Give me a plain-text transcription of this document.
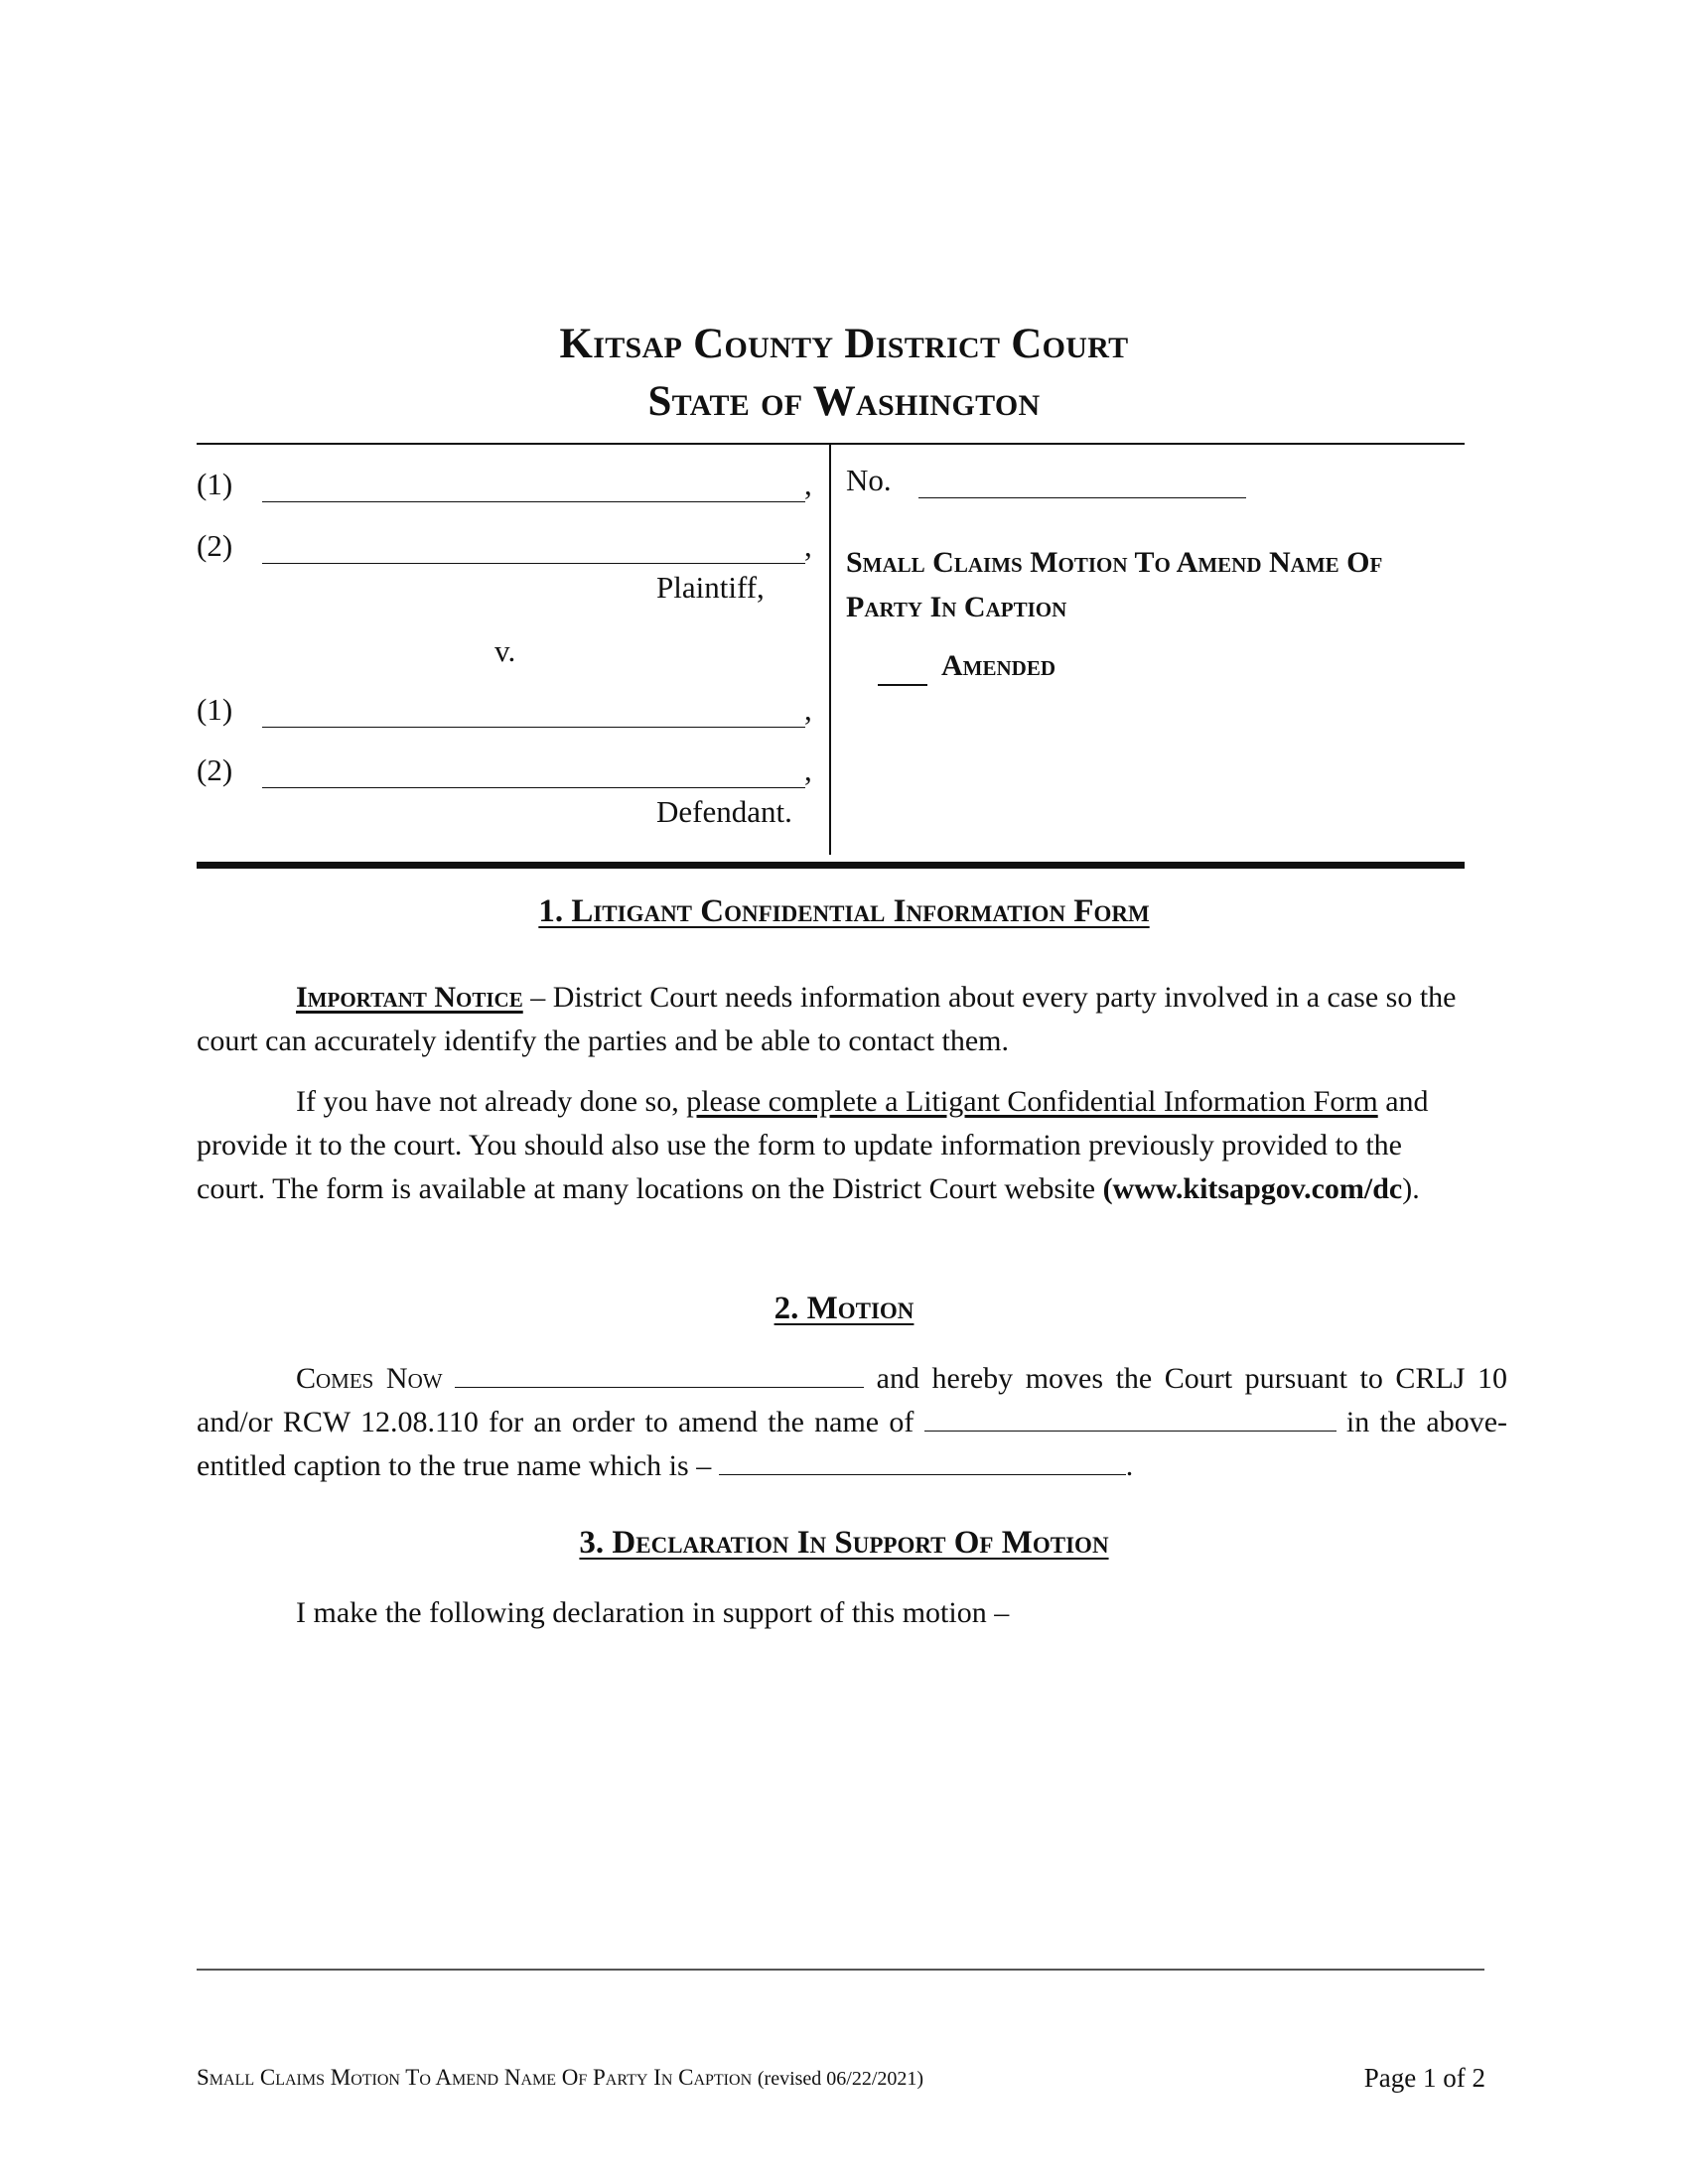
Kitsap County District Court
State of Washington
(1)	,
(2)	,
Plaintiff,
v.
(1)	,
(2)	,
Defendant.
No.
Small Claims Motion To Amend Name Of Party In Caption
Amended
1. Litigant Confidential Information Form
Important Notice – District Court needs information about every party involved in a case so the court can accurately identify the parties and be able to contact them.
If you have not already done so, please complete a Litigant Confidential Information Form and provide it to the court. You should also use the form to update information previously provided to the court. The form is available at many locations on the District Court website (www.kitsapgov.com/dc).
2. Motion
Comes Now	and hereby moves the Court pursuant to CRLJ 10 and/or RCW 12.08.110 for an order to amend the name of	in the above-entitled caption to the true name which is –	.
3. Declaration In Support Of Motion
I make the following declaration in support of this motion –
Small Claims Motion To Amend Name Of Party In Caption (revised 06/22/2021)	Page 1 of 2
